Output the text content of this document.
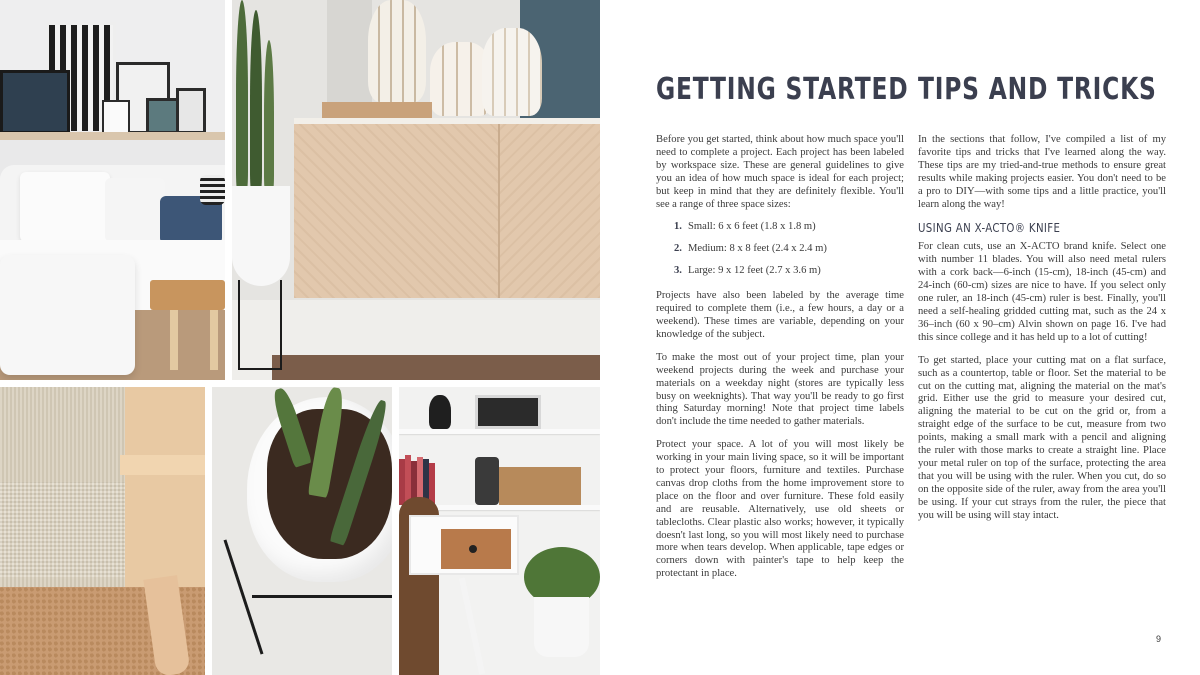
GETTING STARTED

Before you get started, think about how much space you'll need to complete a project. Each project has been labeled by workspace size. These are general guidelines to give you an idea of how much space is ideal for each project; but keep in mind that they are definitely flexible. You'll see a range of three space sizes:

1. Small: 6 x 6 feet (1.8 x 1.8 m)
2. Medium: 8 x 8 feet (2.4 x 2.4 m)
3. Large: 9 x 12 feet (2.7 x 3.6 m)

Projects have also been labeled by the average time required to complete them (i.e., a few hours, a day or a weekend). These times are variable, depending on your knowledge of the subject.

To make the most out of your project time, plan your weekend projects during the week and purchase your materials on a weekday night (stores are typically less busy on weeknights). That way you'll be ready to go first thing Saturday morning! Note that project time labels don't include the time needed to gather materials.

Protect your space. A lot of you will most likely be working in your main living space, so it will be important to protect your floors, furniture and textiles. Purchase canvas drop cloths from the home improvement store to place on the floor and over furniture. These fold easily and are reusable. Alternatively, use old sheets or tablecloths. Clear plastic also works; however, it typically doesn't last long, so you will most likely need to purchase more when tears develop. When applicable, tape edges or corners down with painter's tape to help keep the protectant in place.

TIPS AND TRICKS

In the sections that follow, I've compiled a list of my favorite tips and tricks that I've learned along the way. These tips are my tried-and-true methods to ensure great results while making projects easier. You don't need to be a pro to DIY—with some tips and a little practice, you'll learn along the way!

USING AN X-ACTO® KNIFE

For clean cuts, use an X-ACTO brand knife. Select one with number 11 blades. You will also need metal rulers with a cork back—6-inch (15-cm), 18-inch (45-cm) and 24-inch (60-cm) sizes are nice to have. If you select only one ruler, an 18-inch (45-cm) ruler is best. Finally, you'll need a self-healing gridded cutting mat, such as the 24 x 36–inch (60 x 90–cm) Alvin shown on page 16. I've had this since college and it has held up to a lot of cutting!

To get started, place your cutting mat on a flat surface, such as a countertop, table or floor. Set the material to be cut on the cutting mat, aligning the material on the mat's grid. Either use the grid to measure your desired cut, aligning the material to be cut on the grid or, from a straight edge of the surface to be cut, measure from two points, making a small mark with a pencil and aligning the ruler with those marks to create a straight line. Place your metal ruler on top of the surface, protecting the area that you will be using with the ruler. When you cut, do so on the opposite side of the ruler, away from the area you'll be using. If your cut strays from the ruler, the piece that you will be using will stay intact.

9
